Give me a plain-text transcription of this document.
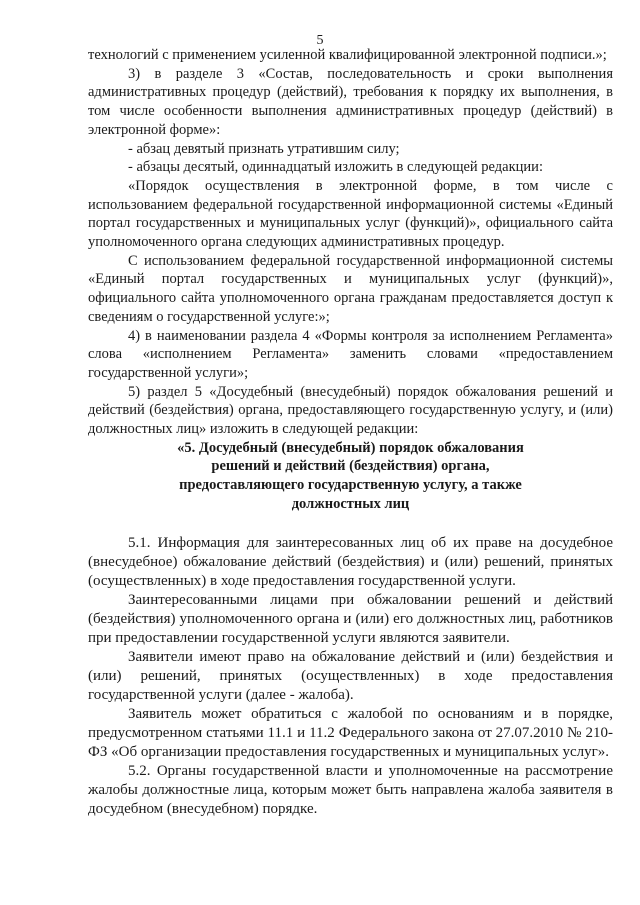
5

технологий с применением усиленной квалифицированной электронной подписи.»;

3) в разделе 3 «Состав, последовательность и сроки выполнения административных процедур (действий), требования к порядку их выполнения, в том числе особенности выполнения административных процедур (действий) в электронной форме»:

- абзац девятый признать утратившим силу;

- абзацы десятый, одиннадцатый изложить в следующей редакции:

«Порядок осуществления в электронной форме, в том числе с использованием федеральной государственной информационной системы «Единый портал государственных и муниципальных услуг (функций)», официального сайта уполномоченного органа следующих административных процедур.

С использованием федеральной государственной информационной системы «Единый портал государственных и муниципальных услуг (функций)», официального сайта уполномоченного органа гражданам предоставляется доступ к сведениям о государственной услуге:»;

4) в наименовании раздела 4 «Формы контроля за исполнением Регламента» слова «исполнением Регламента» заменить словами «предоставлением государственной услуги»;

5) раздел 5 «Досудебный (внесудебный) порядок обжалования решений и действий (бездействия) органа, предоставляющего государственную услугу, и (или) должностных лиц» изложить в следующей редакции:

«5. Досудебный (внесудебный) порядок обжалования
решений и действий (бездействия) органа,
предоставляющего государственную услугу, а также
должностных лиц

5.1. Информация для заинтересованных лиц об их праве на досудебное (внесудебное) обжалование действий (бездействия) и (или) решений, принятых (осуществленных) в ходе предоставления государственной услуги.

Заинтересованными лицами при обжаловании решений и действий (бездействия) уполномоченного органа и (или) его должностных лиц, работников при предоставлении государственной услуги являются заявители.

Заявители имеют право на обжалование действий и (или) бездействия и (или) решений, принятых (осуществленных) в ходе предоставления государственной услуги (далее - жалоба).

Заявитель может обратиться с жалобой по основаниям и в порядке, предусмотренном статьями 11.1 и 11.2 Федерального закона от 27.07.2010 № 210-ФЗ «Об организации предоставления государственных и муниципальных услуг».

5.2. Органы государственной власти и уполномоченные на рассмотрение жалобы должностные лица, которым может быть направлена жалоба заявителя в досудебном (внесудебном) порядке.
